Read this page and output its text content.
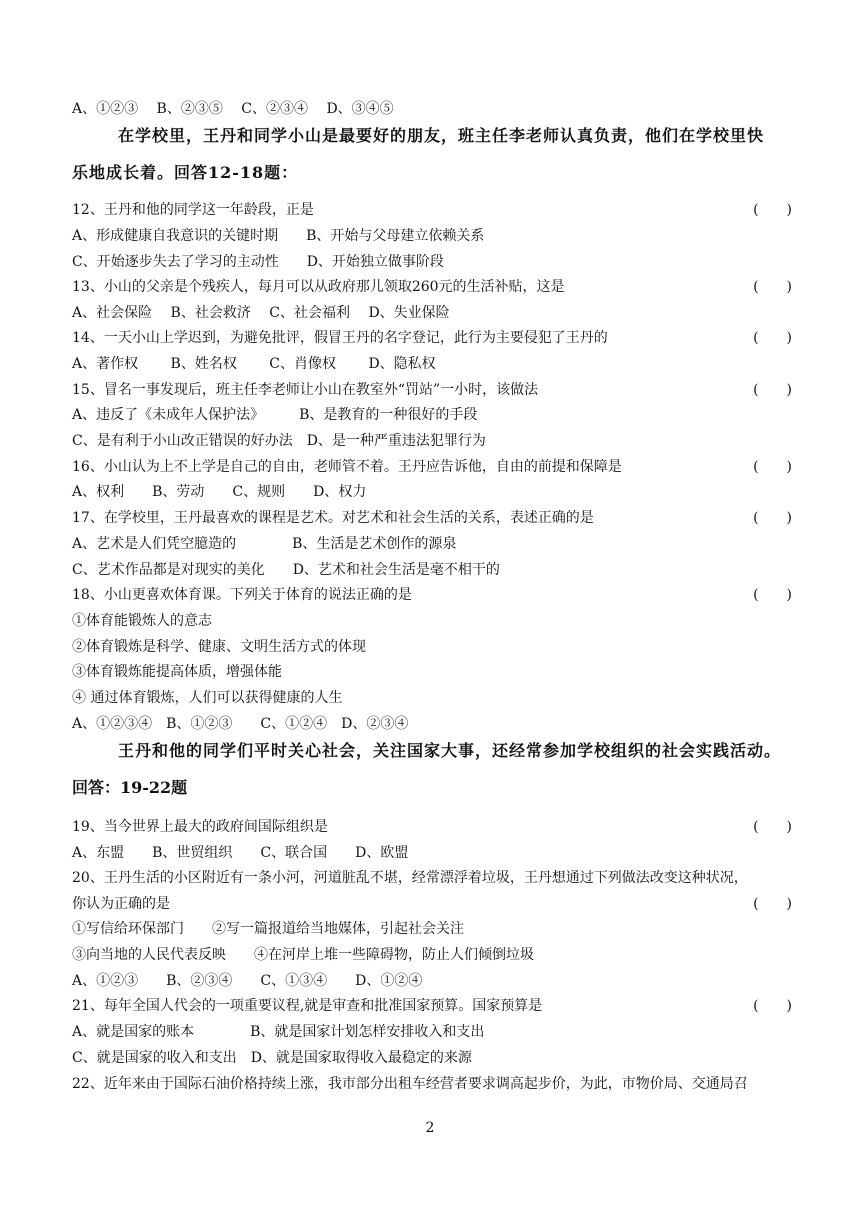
A、①②③　 B、②③⑤　 C、②③④　 D、③④⑤
在学校里，王丹和同学小山是最要好的朋友，班主任李老师认真负责，他们在学校里快
乐地成长着。回答12-18题：
12、王丹和他的同学这一年龄段，正是	(　　)
A、形成健康自我意识的关键时期　　B、开始与父母建立依赖关系
C、开始逐步失去了学习的主动性　　D、开始独立做事阶段
13、小山的父亲是个残疾人，每月可以从政府那儿领取260元的生活补贴，这是	(　　)
A、社会保险　 B、社会救济　 C、社会福利　 D、失业保险
14、一天小山上学迟到，为避免批评，假冒王丹的名字登记，此行为主要侵犯了王丹的	(　　)
A、著作权　　 B、姓名权　　 C、肖像权　　 D、隐私权
15、冒名一事发现后，班主任李老师让小山在教室外“罚站”一小时，该做法	(　　)
A、违反了《未成年人保护法》　　　B、是教育的一种很好的手段
C、是有利于小山改正错误的好办法　D、是一种严重违法犯罪行为
16、小山认为上不上学是自己的自由，老师管不着。王丹应告诉他，自由的前提和保障是	(　　)
A、权利　　B、劳动　　C、规则　　D、权力
17、在学校里，王丹最喜欢的课程是艺术。对艺术和社会生活的关系，表述正确的是	(　　)
A、艺术是人们凭空臆造的　　　　B、生活是艺术创作的源泉
C、艺术作品都是对现实的美化　　D、艺术和社会生活是毫不相干的
18、小山更喜欢体育课。下列关于体育的说法正确的是	(　　)
①体育能锻炼人的意志
②体育锻炼是科学、健康、文明生活方式的体现
③体育锻炼能提高体质，增强体能
④ 通过体育锻炼，人们可以获得健康的人生
A、①②③④　B、①②③　　C、①②④　D、②③④
王丹和他的同学们平时关心社会，关注国家大事，还经常参加学校组织的社会实践活动。
回答：19-22题
19、当今世界上最大的政府间国际组织是	(　　)
A、东盟　　B、世贸组织　　C、联合国　　D、欧盟
20、王丹生活的小区附近有一条小河，河道脏乱不堪，经常漂浮着垃圾，王丹想通过下列做法改变这种状况，
你认为正确的是	(　　)
①写信给环保部门　　②写一篇报道给当地媒体，引起社会关注
③向当地的人民代表反映　　④在河岸上堆一些障碍物，防止人们倾倒垃圾
A、①②③　　B、②③④　　C、①③④　　D、①②④
21、每年全国人代会的一项重要议程,就是审查和批准国家预算。国家预算是	(　　)
A、就是国家的账本　　　　B、就是国家计划怎样安排收入和支出
C、就是国家的收入和支出　D、就是国家取得收入最稳定的来源
22、近年来由于国际石油价格持续上涨，我市部分出租车经营者要求调高起步价，为此，市物价局、交通局召
2
